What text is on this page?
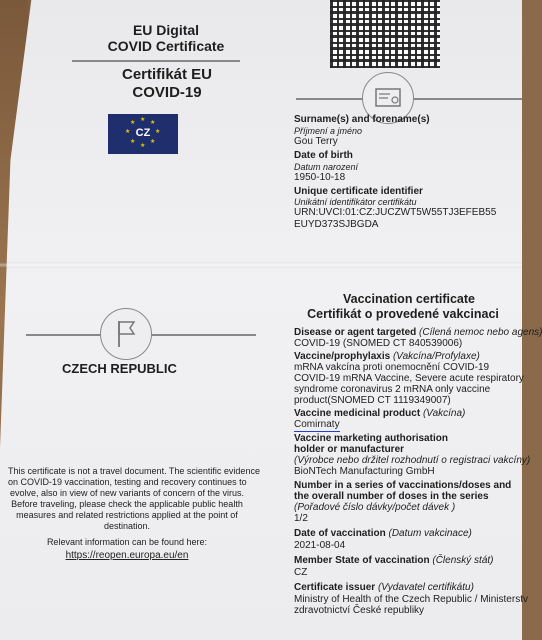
EU Digital
COVID Certificate
Certifikát EU
COVID-19
★ ★
★
★
★
★
★
★
CZ
Surname(s) and forename(s)
Příjmení a jméno
Gou Terry
Date of birth
Datum narození
1950-10-18
Unique certificate identifier
Unikátní identifikátor certifikátu
URN:UVCI:01:CZ:JUCZWT5W55TJ3EFEB55
EUYD373SJBGDA
CZECH REPUBLIC
This certificate is not a travel document. The scientific evidence
on COVID-19 vaccination, testing and recovery continues to
evolve, also in view of new variants of concern of the virus.
Before traveling, please check the applicable public health
measures and related restrictions applied at the point of
destination.
Relevant information can be found here:
https://reopen.europa.eu/en
Vaccination certificate
Certifikát o provedené vakcinaci
Disease or agent targeted (Cílená nemoc nebo agens)
COVID-19 (SNOMED CT 840539006)
Vaccine/prophylaxis (Vakcína/Profylaxe)
mRNA vakcína proti onemocnění COVID-19
COVID-19 mRNA Vaccine, Severe acute respiratory
syndrome coronavirus 2 mRNA only vaccine
product(SNOMED CT 1119349007)
Vaccine medicinal product (Vakcína)
Comirnaty
Vaccine marketing authorisation
holder or manufacturer
(Výrobce nebo držitel rozhodnutí o registraci vakcíny)
BioNTech Manufacturing GmbH
Number in a series of vaccinations/doses and
the overall number of doses in the series
(Pořadové číslo dávky/počet dávek )
1/2
Date of vaccination (Datum vakcinace)
2021-08-04
Member State of vaccination (Členský stát)
CZ
Certificate issuer (Vydavatel certifikátu)
Ministry of Health of the Czech Republic / Ministerstv
zdravotnictví České republiky
